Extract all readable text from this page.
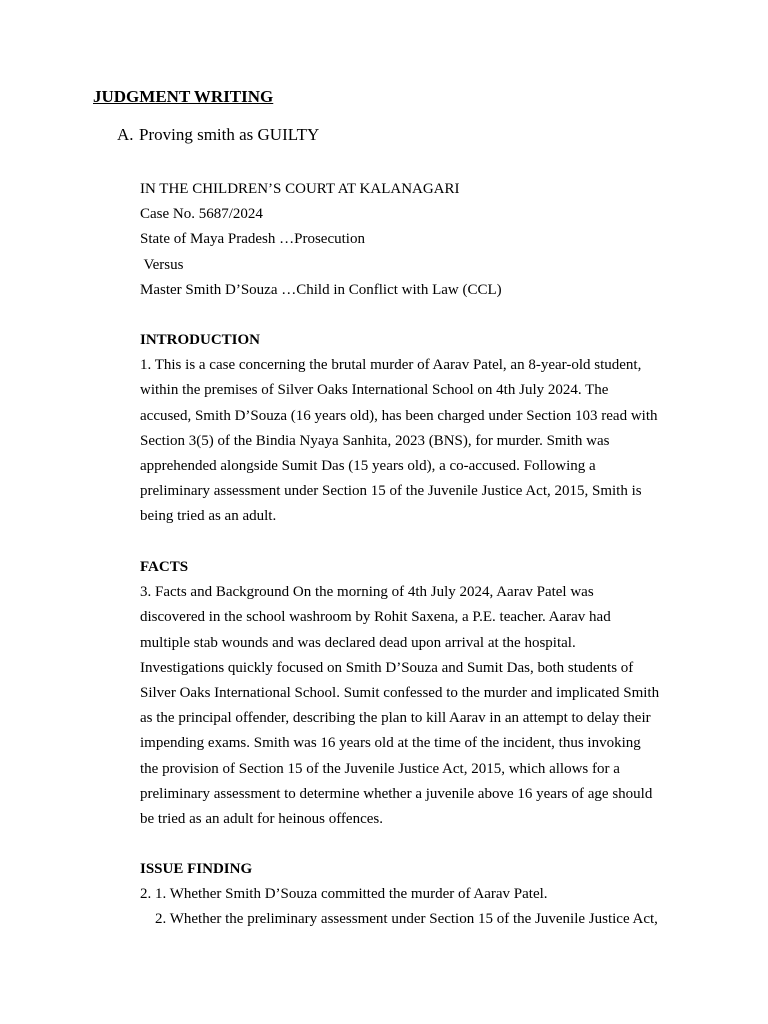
JUDGMENT WRITING
A. Proving smith as GUILTY
IN THE CHILDREN’S COURT AT KALANAGARI
Case No. 5687/2024
State of Maya Pradesh …Prosecution
Versus
Master Smith D’Souza …Child in Conflict with Law (CCL)
INTRODUCTION
1. This is a case concerning the brutal murder of Aarav Patel, an 8-year-old student,
within the premises of Silver Oaks International School on 4th July 2024. The
accused, Smith D’Souza (16 years old), has been charged under Section 103 read with
Section 3(5) of the Bindia Nyaya Sanhita, 2023 (BNS), for murder. Smith was
apprehended alongside Sumit Das (15 years old), a co-accused. Following a
preliminary assessment under Section 15 of the Juvenile Justice Act, 2015, Smith is
being tried as an adult.
FACTS
3. Facts and Background On the morning of 4th July 2024, Aarav Patel was
discovered in the school washroom by Rohit Saxena, a P.E. teacher. Aarav had
multiple stab wounds and was declared dead upon arrival at the hospital.
Investigations quickly focused on Smith D’Souza and Sumit Das, both students of
Silver Oaks International School. Sumit confessed to the murder and implicated Smith
as the principal offender, describing the plan to kill Aarav in an attempt to delay their
impending exams. Smith was 16 years old at the time of the incident, thus invoking
the provision of Section 15 of the Juvenile Justice Act, 2015, which allows for a
preliminary assessment to determine whether a juvenile above 16 years of age should
be tried as an adult for heinous offences.
ISSUE FINDING
2. 1. Whether Smith D’Souza committed the murder of Aarav Patel.
2. Whether the preliminary assessment under Section 15 of the Juvenile Justice Act,
